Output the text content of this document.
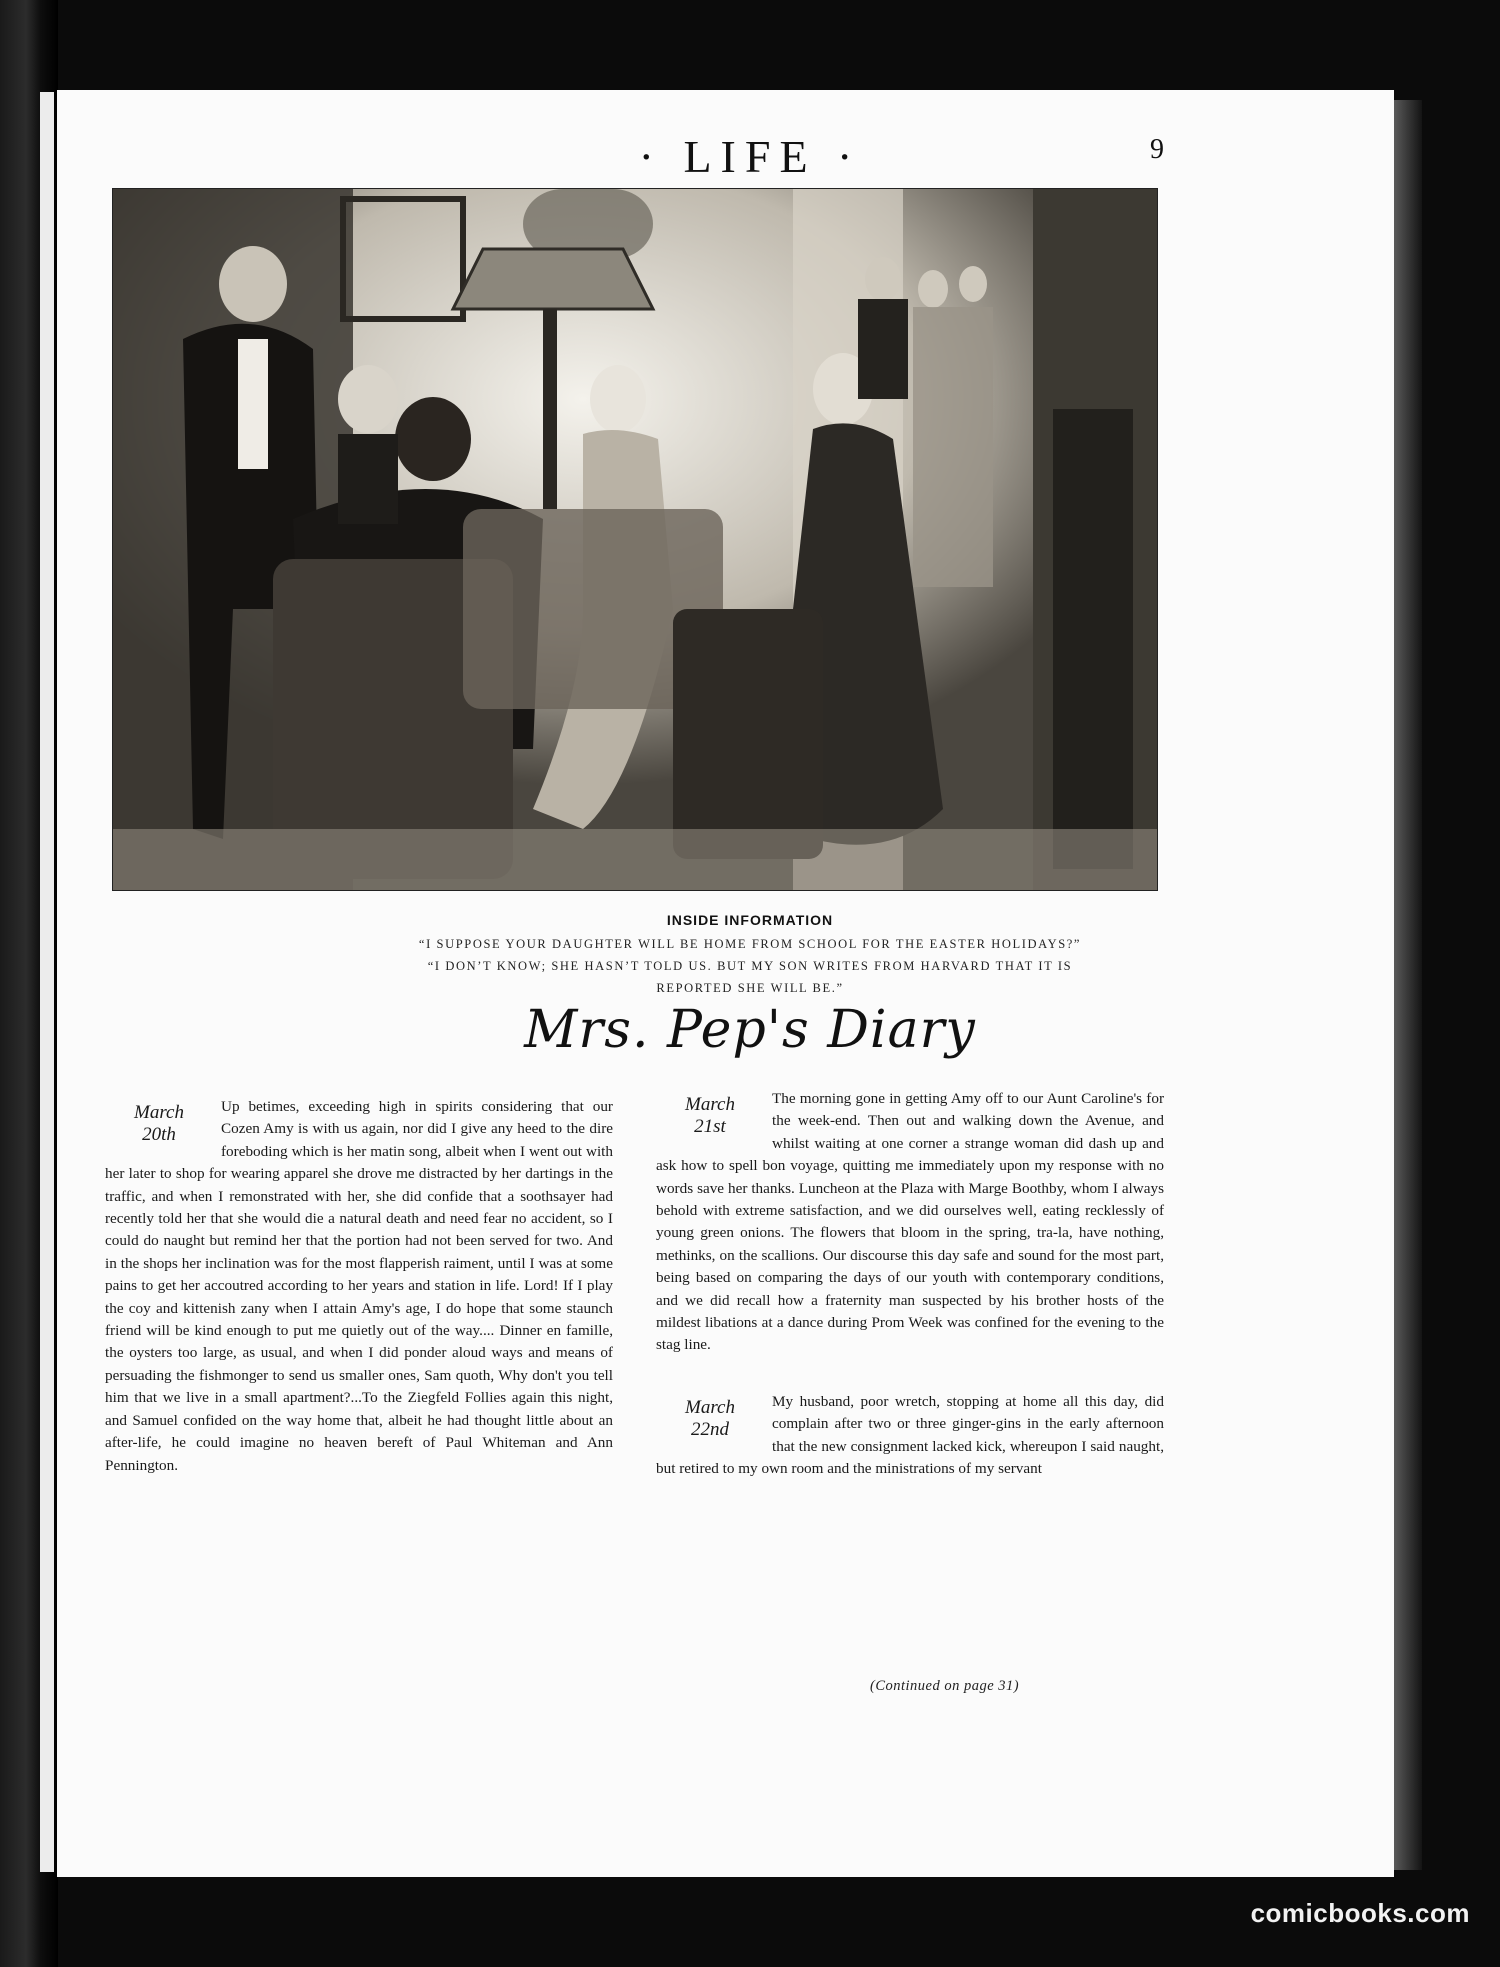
· LIFE ·	9
INSIDE INFORMATION
“I SUPPOSE YOUR DAUGHTER WILL BE HOME FROM SCHOOL FOR THE EASTER HOLIDAYS?”
“I DON’T KNOW; SHE HASN’T TOLD US. BUT MY SON WRITES FROM HARVARD THAT IT IS
REPORTED SHE WILL BE.”
Mrs. Pep's Diary
March
20th
Up betimes, exceeding high in spirits considering that our Cozen Amy is with us again, nor did I give any heed to the dire foreboding which is her matin song, albeit when I went out with her later to shop for wearing apparel she drove me distracted by her dartings in the traffic, and when I remonstrated with her, she did confide that a soothsayer had recently told her that she would die a natural death and need fear no accident, so I could do naught but remind her that the portion had not been served for two. And in the shops her inclination was for the most flapperish raiment, until I was at some pains to get her accoutred according to her years and station in life. Lord! If I play the coy and kittenish zany when I attain Amy's age, I do hope that some staunch friend will be kind enough to put me quietly out of the way.... Dinner en famille, the oysters too large, as usual, and when I did ponder aloud ways and means of persuading the fishmonger to send us smaller ones, Sam quoth, Why don't you tell him that we live in a small apartment?...To the Ziegfeld Follies again this night, and Samuel confided on the way home that, albeit he had thought little about an after-life, he could imagine no heaven bereft of Paul Whiteman and Ann Pennington.
March
21st
The morning gone in getting Amy off to our Aunt Caroline's for the week-end. Then out and walking down the Avenue, and whilst waiting at one corner a strange woman did dash up and ask how to spell bon voyage, quitting me immediately upon my response with no words save her thanks. Luncheon at the Plaza with Marge Boothby, whom I always behold with extreme satisfaction, and we did ourselves well, eating recklessly of young green onions. The flowers that bloom in the spring, tra-la, have nothing, methinks, on the scallions. Our discourse this day safe and sound for the most part, being based on comparing the days of our youth with contemporary conditions, and we did recall how a fraternity man suspected by his brother hosts of the mildest libations at a dance during Prom Week was confined for the evening to the stag line.
March
22nd
My husband, poor wretch, stopping at home all this day, did complain after two or three ginger-gins in the early afternoon that the new consignment lacked kick, whereupon I said naught, but retired to my own room and the ministrations of my servant
(Continued on page 31)
comicbooks.com
